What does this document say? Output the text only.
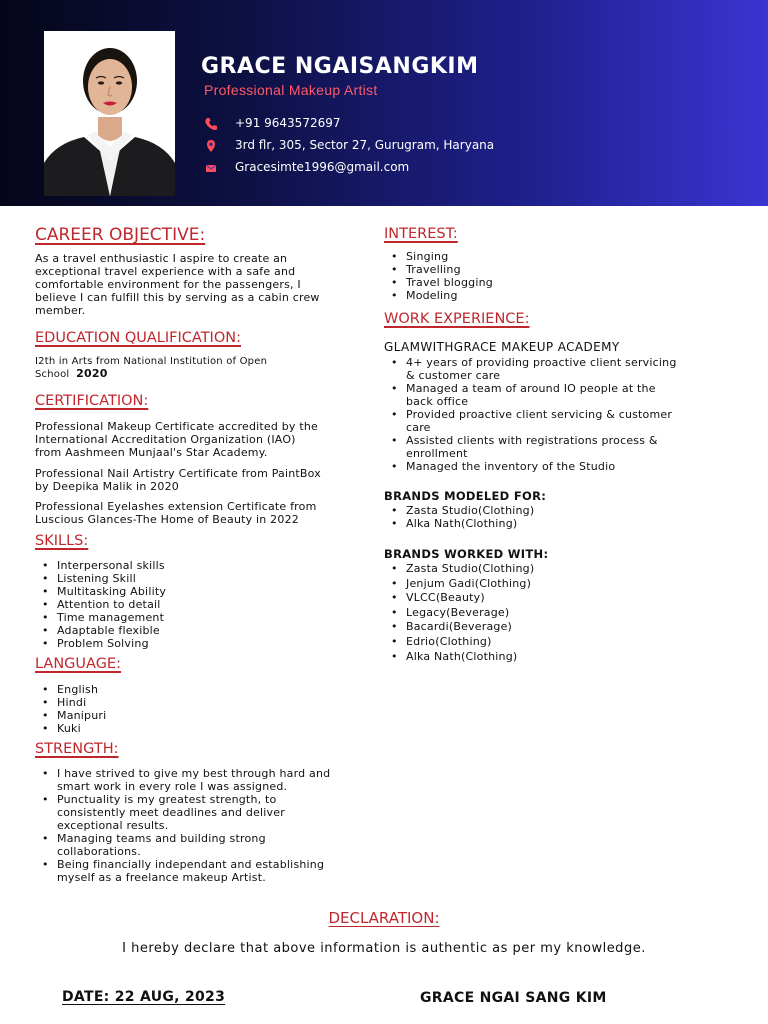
GRACE NGAISANGKIM
Professional Makeup Artist
+91 9643572697
3rd flr, 305, Sector 27, Gurugram, Haryana
Gracesimte1996@gmail.com
CAREER OBJECTIVE:
As a travel enthusiastic I aspire to create an
exceptional travel experience with a safe and
comfortable environment for the passengers, I
believe I can fulfill this by serving as a cabin crew
member.
EDUCATION QUALIFICATION:
I2th in Arts from National Institution of Open
School 2020
CERTIFICATION:
Professional Makeup Certificate accredited by the
International Accreditation Organization (IAO)
from Aashmeen Munjaal's Star Academy.
Professional Nail Artistry Certificate from PaintBox
by Deepika Malik in 2020
Professional Eyelashes extension Certificate from
Luscious Glances-The Home of Beauty in 2022
SKILLS:
• Interpersonal skills
• Listening Skill
• Multitasking Ability
• Attention to detail
• Time management
• Adaptable flexible
• Problem Solving
LANGUAGE:
• English
• Hindi
• Manipuri
• Kuki
STRENGTH:
• I have strived to give my best through hard and
smart work in every role I was assigned.
• Punctuality is my greatest strength, to
consistently meet deadlines and deliver
exceptional results.
• Managing teams and building strong
collaborations.
• Being financially independant and establishing
myself as a freelance makeup Artist.
INTEREST:
• Singing
• Travelling
• Travel blogging
• Modeling
WORK EXPERIENCE:
GLAMWITHGRACE MAKEUP ACADEMY
• 4+ years of providing proactive client servicing
& customer care
• Managed a team of around IO people at the
back office
• Provided proactive client servicing & customer
care
• Assisted clients with registrations process &
enrollment
• Managed the inventory of the Studio
BRANDS MODELED FOR:
• Zasta Studio(Clothing)
• Alka Nath(Clothing)
BRANDS WORKED WITH:
• Zasta Studio(Clothing)
• Jenjum Gadi(Clothing)
• VLCC(Beauty)
• Legacy(Beverage)
• Bacardi(Beverage)
• Edrio(Clothing)
• Alka Nath(Clothing)
DECLARATION:
I hereby declare that above information is authentic as per my knowledge.
DATE: 22 AUG, 2023	GRACE NGAI SANG KIM
